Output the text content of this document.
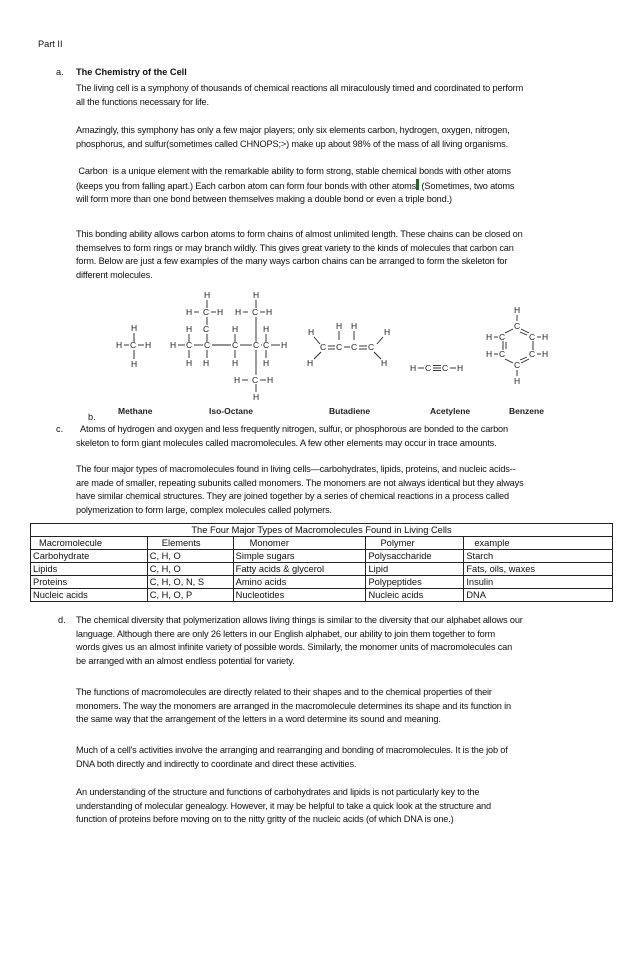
Part II
a. The Chemistry of the Cell
The living cell is a symphony of thousands of chemical reactions all miraculously timed and coordinated to perform
all the functions necessary for life.
Amazingly, this symphony has only a few major players; only six elements carbon, hydrogen, oxygen, nitrogen,
phosphorus, and sulfur(sometimes called CHNOPS;>) make up about 98% of the mass of all living organisms.
Carbon  is a unique element with the remarkable ability to form strong, stable chemical bonds with other atoms
(keeps you from falling apart.) Each carbon atom can form four bonds with other atoms (Sometimes, two atoms
will form more than one bond between themselves making a double bond or even a triple bond.)
This bonding ability allows carbon atoms to form chains of almost unlimited length. These chains can be closed on
themselves to form rings or may branch wildly. This gives great variety to the kinds of molecules that carbon can
form. Below are just a few examples of the many ways carbon chains can be arranged to form the skeleton for
different molecules.
H
H C H
H
H	H
H C H H C H
H C	H	H
H C C	C C C H
H H	H	H
H C H
H
H
H H
H
C C C C
H	H	H C C H
H
C
H C	C H
H C	C H
C
H
Methane	Iso-Octane	Butadiene	Acetylene	Benzene
b.
c.	Atoms of hydrogen and oxygen and less frequently nitrogen, sulfur, or phosphorous are bonded to the carbon
skeleton to form giant molecules called macromolecules. A few other elements may occur in trace amounts.
The four major types of macromolecules found in living cells—carbohydrates, lipids, proteins, and nucleic acids--
are made of smaller, repeating subunits called monomers. The monomers are not always identical but they always
have similar chemical structures. They are joined together by a series of chemical reactions in a process called
polymerization to form large, complex molecules called polymers.
The Four Major Types of Macromolecules Found in Living Cells				
Macromolecule	Elements	Monomer	Polymer	example
Carbohydrate	C, H, O	Simple sugars	Polysaccharide	Starch
Lipids	C, H, O	Fatty acids & glycerol	Lipid	Fats, oils, waxes
Proteins	C, H, O, N, S	Amino acids	Polypeptides	Insulin
Nucleic acids	C, H, O, P	Nucleotides	Nucleic acids	DNA
d. The chemical diversity that polymerization allows living things is similar to the diversity that our alphabet allows our
language. Although there are only 26 letters in our English alphabet, our ability to join them together to form
words gives us an almost infinite variety of possible words. Similarly, the monomer units of macromolecules can
be arranged with an almost endless potential for variety.
The functions of macromolecules are directly related to their shapes and to the chemical properties of their
monomers. The way the monomers are arranged in the macromolecule determines its shape and its function in
the same way that the arrangement of the letters in a word determine its sound and meaning.
Much of a cell's activities involve the arranging and rearranging and bonding of macromolecules. It is the job of
DNA both directly and indirectly to coordinate and direct these activities.
An understanding of the structure and functions of carbohydrates and lipids is not particularly key to the
understanding of molecular genealogy. However, it may be helpful to take a quick look at the structure and
function of proteins before moving on to the nitty gritty of the nucleic acids (of which DNA is one.)
